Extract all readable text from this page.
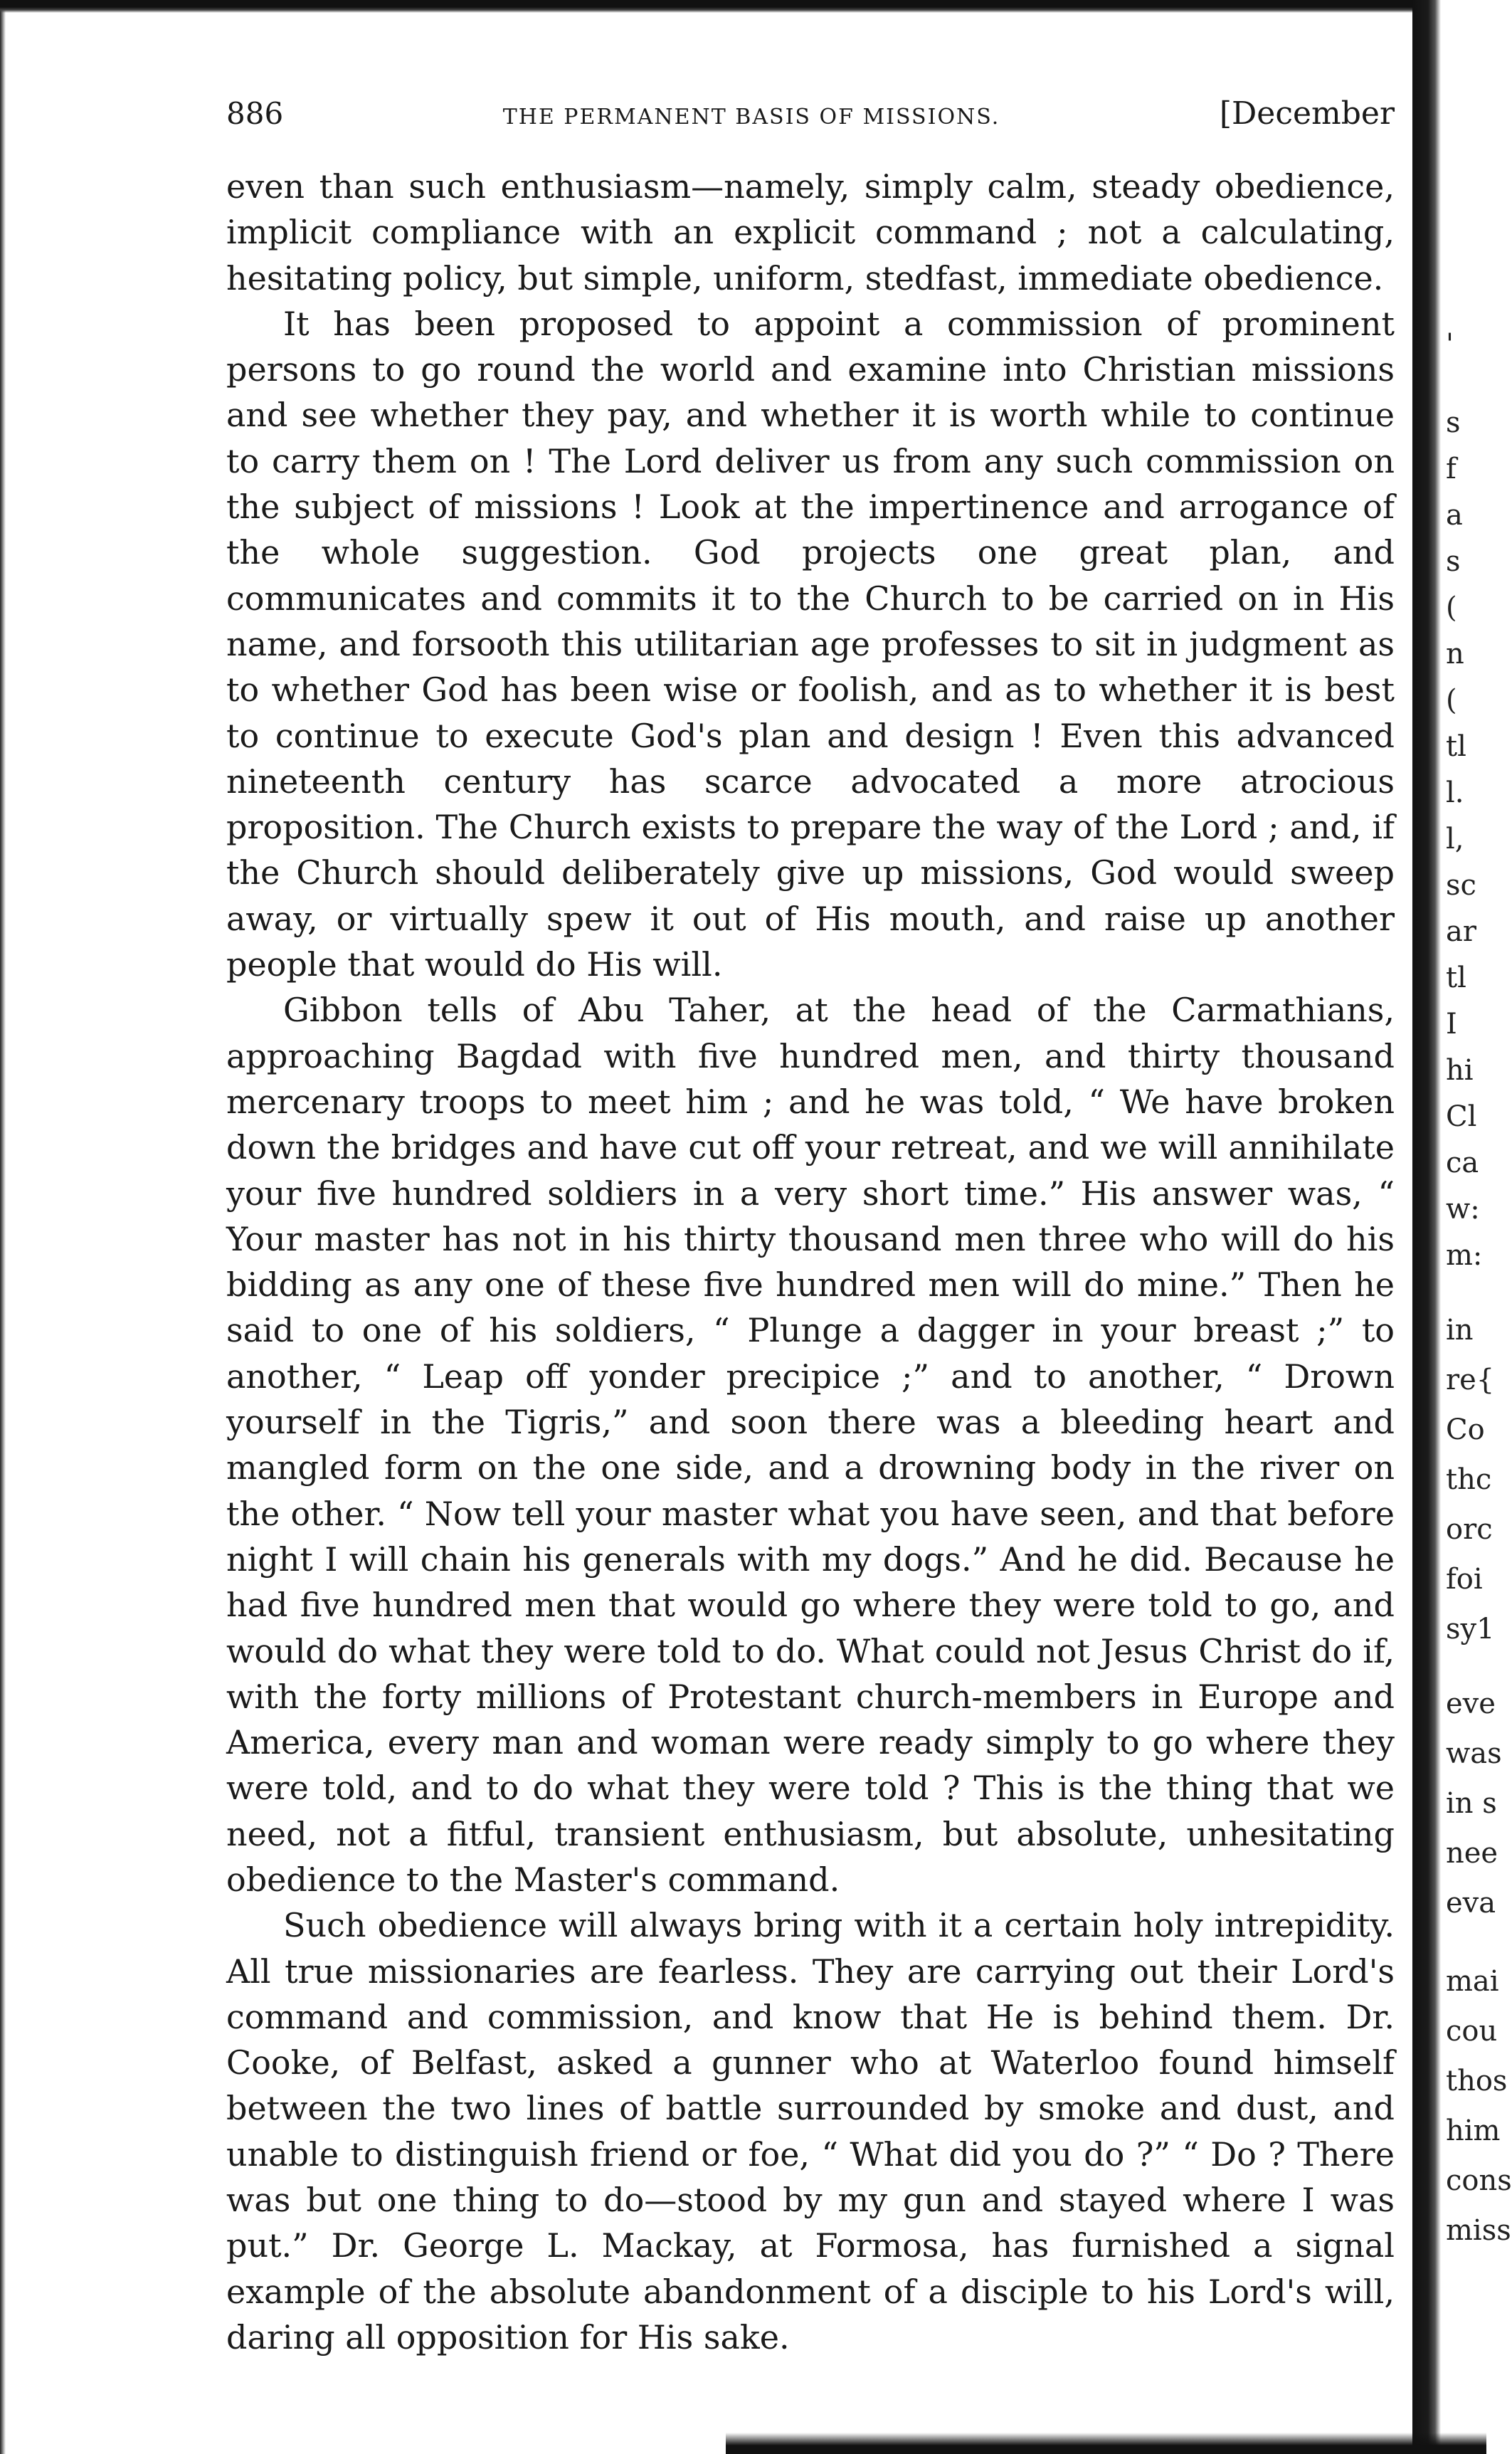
886	THE PERMANENT BASIS OF MISSIONS.	[December

even than such enthusiasm—namely, simply calm, steady obedience, implicit compliance with an explicit command ; not a calculating, hesitating policy, but simple, uniform, stedfast, immediate obedience.

It has been proposed to appoint a commission of prominent persons to go round the world and examine into Christian missions and see whether they pay, and whether it is worth while to continue to carry them on ! The Lord deliver us from any such commission on the subject of missions ! Look at the impertinence and arrogance of the whole suggestion. God projects one great plan, and communicates and commits it to the Church to be carried on in His name, and forsooth this utilitarian age professes to sit in judgment as to whether God has been wise or foolish, and as to whether it is best to continue to execute God's plan and design ! Even this advanced nineteenth century has scarce advocated a more atrocious proposition. The Church exists to prepare the way of the Lord ; and, if the Church should deliberately give up missions, God would sweep away, or virtually spew it out of His mouth, and raise up another people that would do His will.

Gibbon tells of Abu Taher, at the head of the Carmathians, approaching Bagdad with five hundred men, and thirty thousand mercenary troops to meet him ; and he was told, “ We have broken down the bridges and have cut off your retreat, and we will annihilate your five hundred soldiers in a very short time.” His answer was, “ Your master has not in his thirty thousand men three who will do his bidding as any one of these five hundred men will do mine.” Then he said to one of his soldiers, “ Plunge a dagger in your breast ;” to another, “ Leap off yonder precipice ;” and to another, “ Drown yourself in the Tigris,” and soon there was a bleeding heart and mangled form on the one side, and a drowning body in the river on the other. “ Now tell your master what you have seen, and that before night I will chain his generals with my dogs.” And he did. Because he had five hundred men that would go where they were told to go, and would do what they were told to do. What could not Jesus Christ do if, with the forty millions of Protestant church-members in Europe and America, every man and woman were ready simply to go where they were told, and to do what they were told ? This is the thing that we need, not a fitful, transient enthusiasm, but absolute, unhesitating obedience to the Master's command.

Such obedience will always bring with it a certain holy intrepidity. All true missionaries are fearless. They are carrying out their Lord's command and commission, and know that He is behind them. Dr. Cooke, of Belfast, asked a gunner who at Waterloo found himself between the two lines of battle surrounded by smoke and dust, and unable to distinguish friend or foe, “ What did you do ?” “ Do ? There was but one thing to do—stood by my gun and stayed where I was put.” Dr. George L. Mackay, at Formosa, has furnished a signal example of the absolute abandonment of a disciple to his Lord's will, daring all opposition for His sake.

'
s
f
a
s
(
n
(
tl
l.
l,
sc
ar
tl
I
hi
Cl
ca
w:
m:
in
re{
Co
thc
orc
foi
sy1
eve
was
in s
nee
eva
mai
cou
thos
him
cons
miss
